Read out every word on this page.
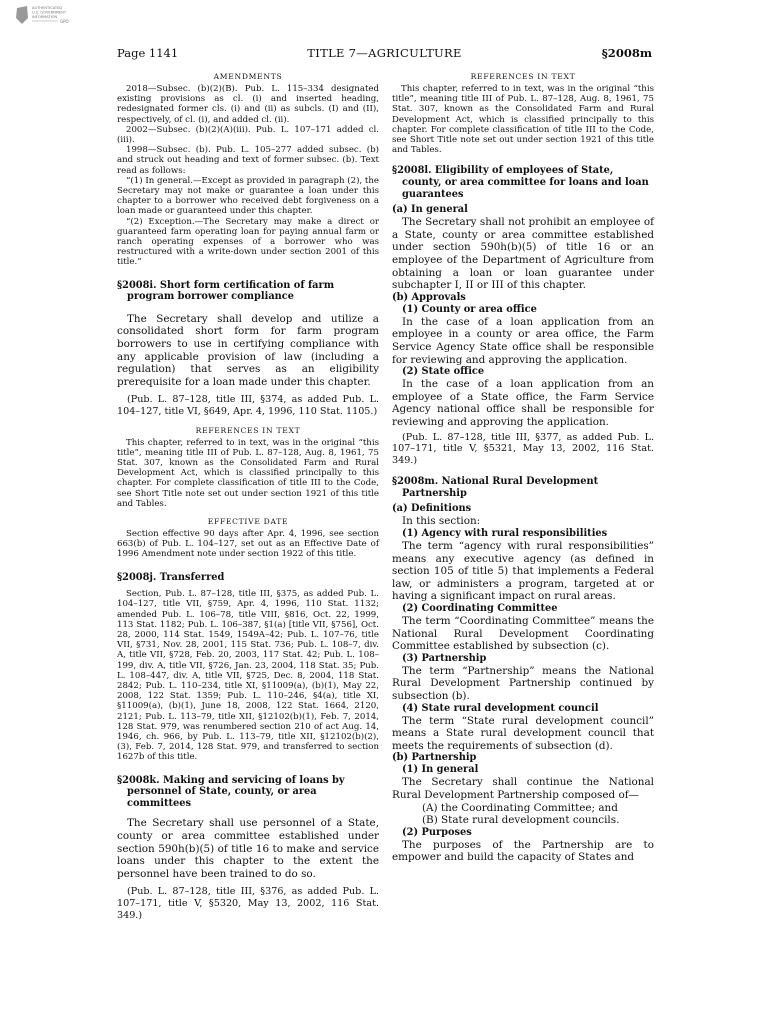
AUTHENTICATED
U.S. GOVERNMENT
INFORMATION
GPO
Page 1141	TITLE 7—AGRICULTURE	§2008m
AMENDMENTS

2018—Subsec. (b)(2)(B). Pub. L. 115–334 designated existing provisions as cl. (i) and inserted heading, redesignated former cls. (i) and (ii) as subcls. (I) and (II), respectively, of cl. (i), and added cl. (ii).

2002—Subsec. (b)(2)(A)(iii). Pub. L. 107–171 added cl. (iii).

1998—Subsec. (b). Pub. L. 105–277 added subsec. (b) and struck out heading and text of former subsec. (b). Text read as follows:

“(1) In general.—Except as provided in paragraph (2), the Secretary may not make or guarantee a loan under this chapter to a borrower who received debt forgiveness on a loan made or guaranteed under this chapter.

“(2) Exception.—The Secretary may make a direct or guaranteed farm operating loan for paying annual farm or ranch operating expenses of a borrower who was restructured with a write-down under section 2001 of this title.”

§2008i. Short form certification of farm program borrower compliance

The Secretary shall develop and utilize a consolidated short form for farm program borrowers to use in certifying compliance with any applicable provision of law (including a regulation) that serves as an eligibility prerequisite for a loan made under this chapter.

(Pub. L. 87–128, title III, §374, as added Pub. L. 104–127, title VI, §649, Apr. 4, 1996, 110 Stat. 1105.)
REFERENCES IN TEXT

This chapter, referred to in text, was in the original “this title”, meaning title III of Pub. L. 87–128, Aug. 8, 1961, 75 Stat. 307, known as the Consolidated Farm and Rural Development Act, which is classified principally to this chapter. For complete classification of title III to the Code, see Short Title note set out under section 1921 of this title and Tables.

EFFECTIVE DATE

Section effective 90 days after Apr. 4, 1996, see section 663(b) of Pub. L. 104–127, set out as an Effective Date of 1996 Amendment note under section 1922 of this title.

§2008j. Transferred

Section, Pub. L. 87–128, title III, §375, as added Pub. L. 104–127, title VII, §759, Apr. 4, 1996, 110 Stat. 1132; amended Pub. L. 106–78, title VIII, §816, Oct. 22, 1999, 113 Stat. 1182; Pub. L. 106–387, §1(a) [title VII, §756], Oct. 28, 2000, 114 Stat. 1549, 1549A–42; Pub. L. 107–76, title VII, §731, Nov. 28, 2001, 115 Stat. 736; Pub. L. 108–7, div. A, title VII, §728, Feb. 20, 2003, 117 Stat. 42; Pub. L. 108–199, div. A, title VII, §726, Jan. 23, 2004, 118 Stat. 35; Pub. L. 108–447, div. A, title VII, §725, Dec. 8, 2004, 118 Stat. 2842; Pub. L. 110–234, title XI, §11009(a), (b)(1), May 22, 2008, 122 Stat. 1359; Pub. L. 110–246, §4(a), title XI, §11009(a), (b)(1), June 18, 2008, 122 Stat. 1664, 2120, 2121; Pub. L. 113–79, title XII, §12102(b)(1), Feb. 7, 2014, 128 Stat. 979, was renumbered section 210 of act Aug. 14, 1946, ch. 966, by Pub. L. 113–79, title XII, §12102(b)(2), (3), Feb. 7, 2014, 128 Stat. 979, and transferred to section 1627b of this title.

§2008k. Making and servicing of loans by personnel of State, county, or area committees

The Secretary shall use personnel of a State, county or area committee established under section 590h(b)(5) of title 16 to make and service loans under this chapter to the extent the personnel have been trained to do so.

(Pub. L. 87–128, title III, §376, as added Pub. L. 107–171, title V, §5320, May 13, 2002, 116 Stat. 349.)
REFERENCES IN TEXT

This chapter, referred to in text, was in the original “this title”, meaning title III of Pub. L. 87–128, Aug. 8, 1961, 75 Stat. 307, known as the Consolidated Farm and Rural Development Act, which is classified principally to this chapter. For complete classification of title III to the Code, see Short Title note set out under section 1921 of this title and Tables.

§2008l. Eligibility of employees of State, county, or area committee for loans and loan guarantees
(a) In general

The Secretary shall not prohibit an employee of a State, county or area committee established under section 590h(b)(5) of title 16 or an employee of the Department of Agriculture from obtaining a loan or loan guarantee under subchapter I, II or III of this chapter.

(b) Approvals
(1) County or area office

In the case of a loan application from an employee in a county or area office, the Farm Service Agency State office shall be responsible for reviewing and approving the application.

(2) State office

In the case of a loan application from an employee of a State office, the Farm Service Agency national office shall be responsible for reviewing and approving the application.

(Pub. L. 87–128, title III, §377, as added Pub. L. 107–171, title V, §5321, May 13, 2002, 116 Stat. 349.)
§2008m. National Rural Development Partnership
(a) Definitions

In this section:

(1) Agency with rural responsibilities

The term “agency with rural responsibilities” means any executive agency (as defined in section 105 of title 5) that implements a Federal law, or administers a program, targeted at or having a significant impact on rural areas.

(2) Coordinating Committee

The term “Coordinating Committee” means the National Rural Development Coordinating Committee established by subsection (c).

(3) Partnership

The term “Partnership” means the National Rural Development Partnership continued by subsection (b).

(4) State rural development council

The term “State rural development council” means a State rural development council that meets the requirements of subsection (d).

(b) Partnership
(1) In general

The Secretary shall continue the National Rural Development Partnership composed of—

(A) the Coordinating Committee; and

(B) State rural development councils.

(2) Purposes

The purposes of the Partnership are to empower and build the capacity of States and
